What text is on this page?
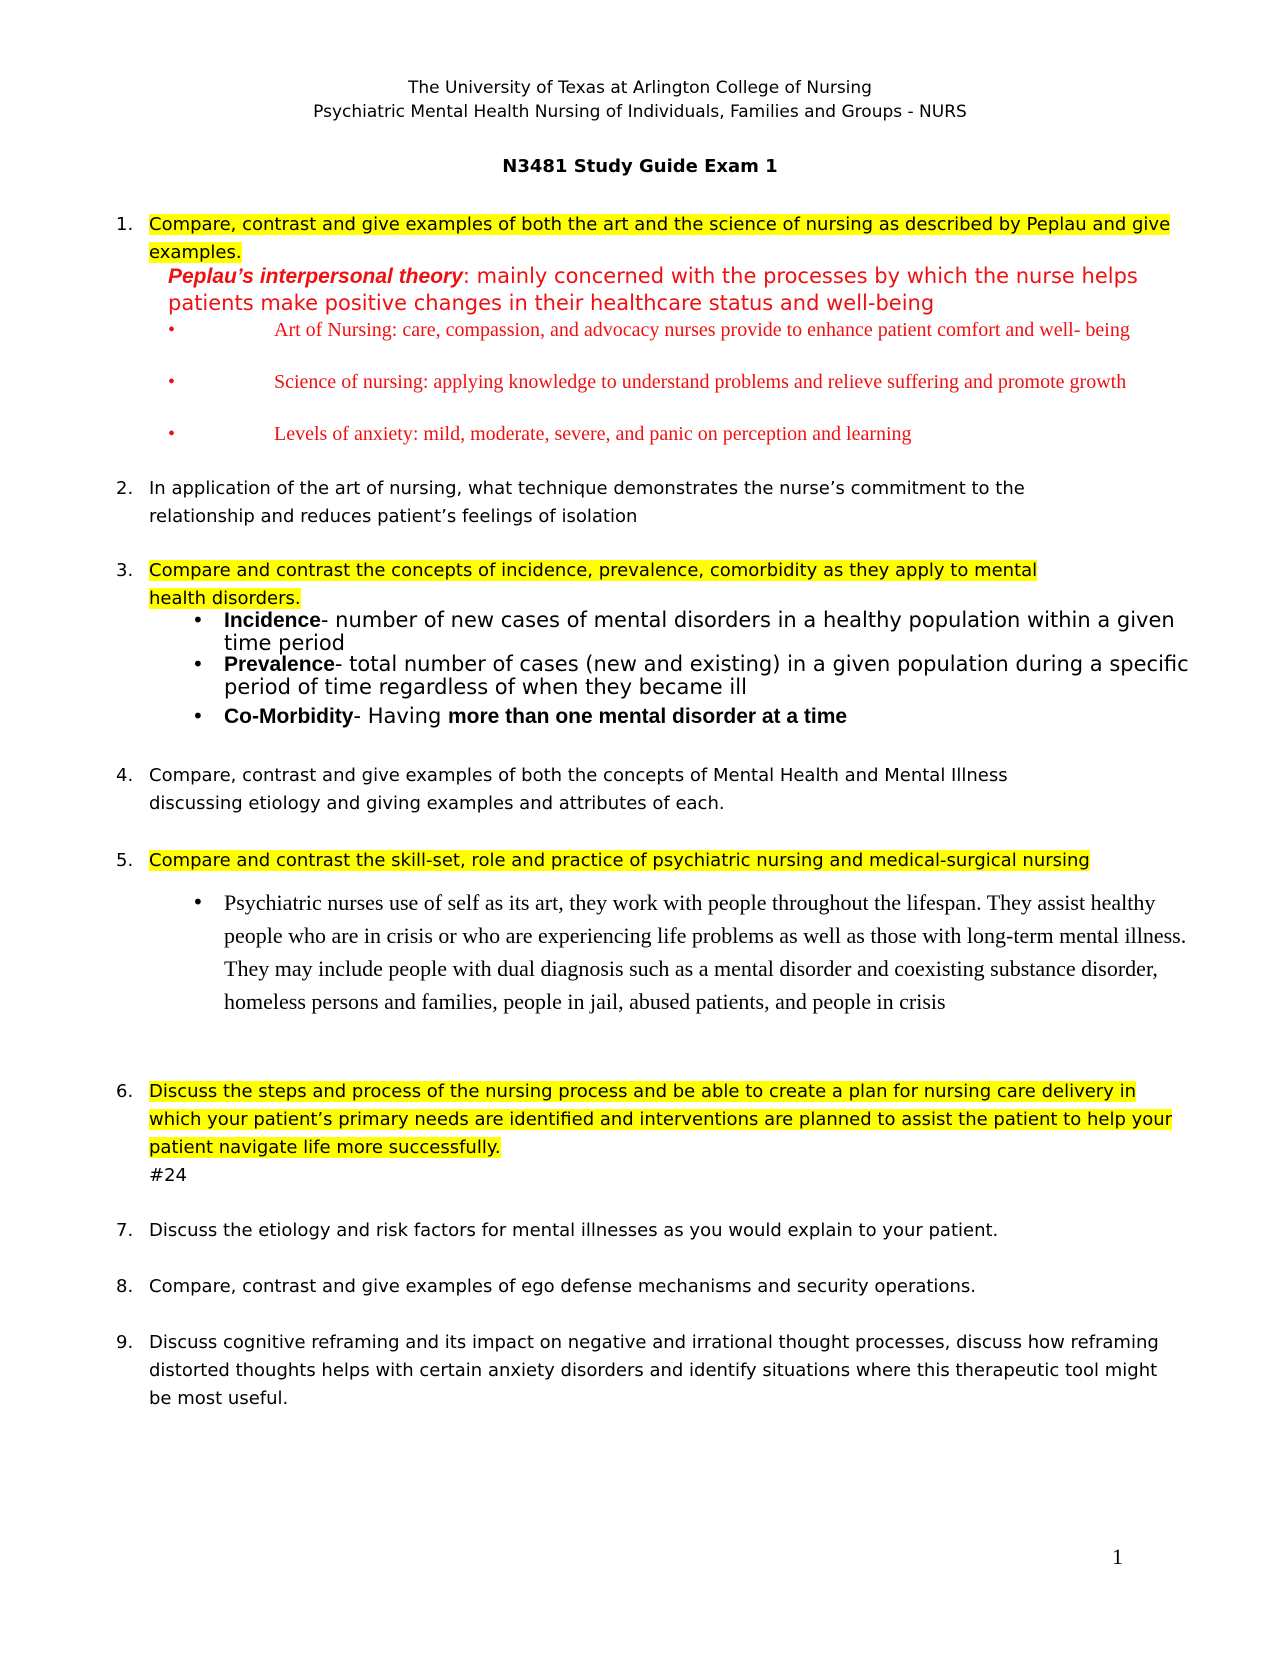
The University of Texas at Arlington College of Nursing
Psychiatric Mental Health Nursing of Individuals, Families and Groups - NURS
N3481 Study Guide Exam 1
1. Compare, contrast and give examples of both the art and the science of nursing as described by Peplau and give examples.
Peplau’s interpersonal theory: mainly concerned with the processes by which the nurse helps patients make positive changes in their healthcare status and well-being
•	Art of Nursing: care, compassion, and advocacy nurses provide to enhance patient comfort and well- being
•	Science of nursing: applying knowledge to understand problems and relieve suffering and promote growth
•	Levels of anxiety: mild, moderate, severe, and panic on perception and learning
2. In application of the art of nursing, what technique demonstrates the nurse’s commitment to the relationship and reduces patient’s feelings of isolation
3. Compare and contrast the concepts of incidence, prevalence, comorbidity as they apply to mental health disorders.
• Incidence- number of new cases of mental disorders in a healthy population within a given time period
• Prevalence- total number of cases (new and existing) in a given population during a specific period of time regardless of when they became ill
• Co-Morbidity- Having more than one mental disorder at a time
4. Compare, contrast and give examples of both the concepts of Mental Health and Mental Illness discussing etiology and giving examples and attributes of each.
5. Compare and contrast the skill-set, role and practice of psychiatric nursing and medical-surgical nursing
• Psychiatric nurses use of self as its art, they work with people throughout the lifespan. They assist healthy people who are in crisis or who are experiencing life problems as well as those with long-term mental illness. They may include people with dual diagnosis such as a mental disorder and coexisting substance disorder, homeless persons and families, people in jail, abused patients, and people in crisis
6. Discuss the steps and process of the nursing process and be able to create a plan for nursing care delivery in which your patient’s primary needs are identified and interventions are planned to assist the patient to help your patient navigate life more successfully.
#24
7. Discuss the etiology and risk factors for mental illnesses as you would explain to your patient.
8. Compare, contrast and give examples of ego defense mechanisms and security operations.
9. Discuss cognitive reframing and its impact on negative and irrational thought processes, discuss how reframing distorted thoughts helps with certain anxiety disorders and identify situations where this therapeutic tool might be most useful.
1
